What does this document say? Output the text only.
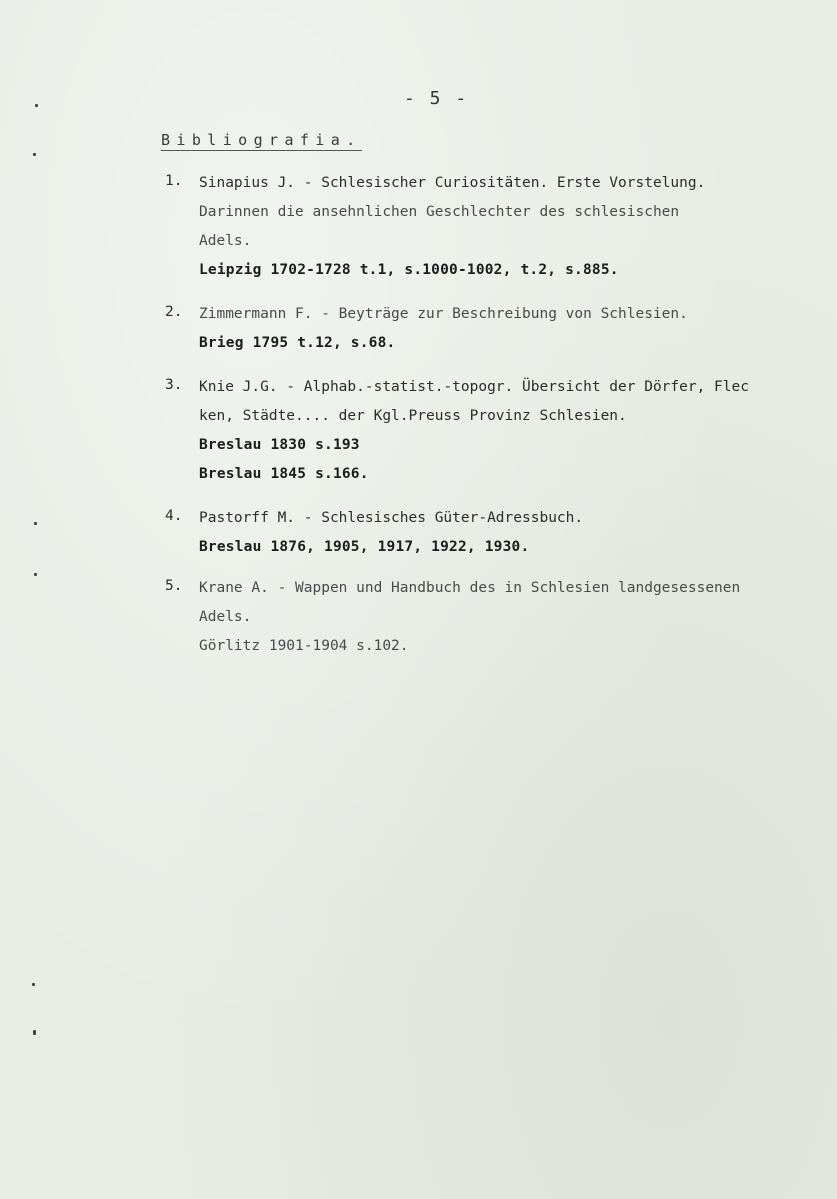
- 5 -
Bibliografia.
1. Sinapius J. - Schlesischer Curiositäten. Erste Vorstelung.
Darinnen die ansehnlichen Geschlechter des schlesischen
Adels.
Leipzig 1702-1728 t.1, s.1000-1002, t.2, s.885.
2. Zimmermann F. - Beyträge zur Beschreibung von Schlesien.
Brieg 1795 t.12, s.68.
3. Knie J.G. - Alphab.-statist.-topogr. Übersicht der Dörfer, Flec
ken, Städte.... der Kgl.Preuss Provinz Schlesien.
Breslau 1830 s.193
Breslau 1845 s.166.
4. Pastorff M. - Schlesisches Güter-Adressbuch.
Breslau 1876, 1905, 1917, 1922, 1930.
5. Krane A. - Wappen und Handbuch des in Schlesien landgesessenen
Adels.
Görlitz 1901-1904 s.102.
